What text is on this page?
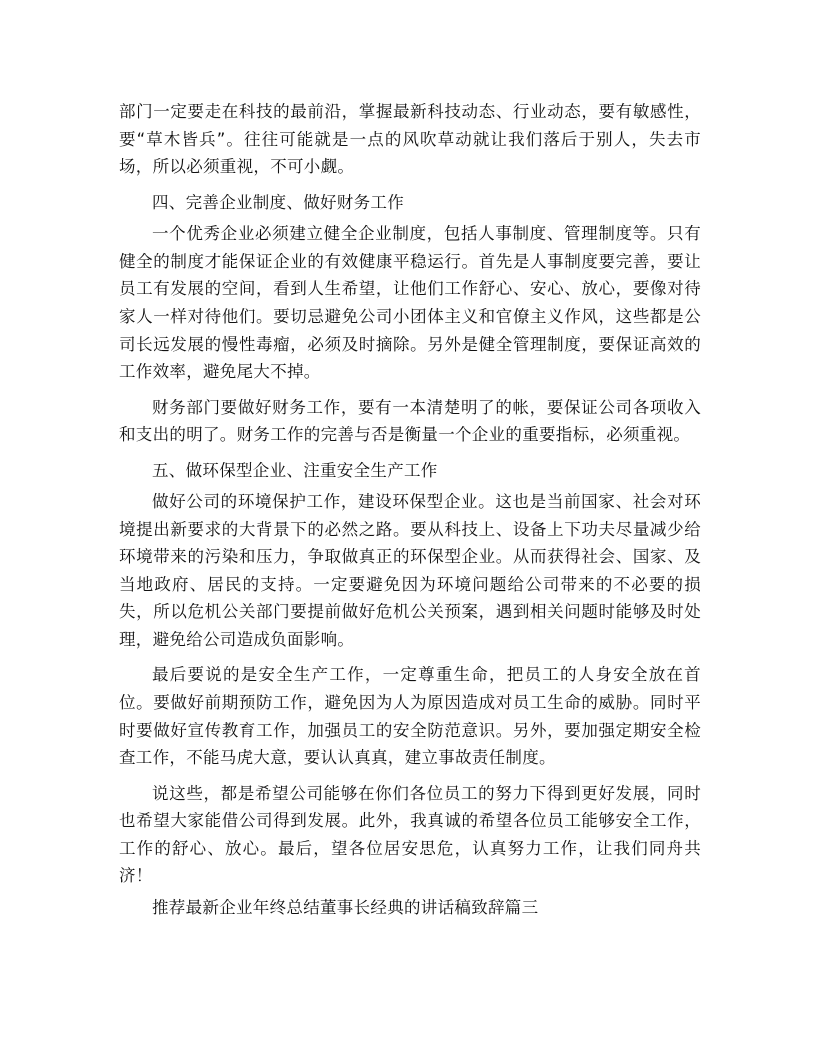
部门一定要走在科技的最前沿，掌握最新科技动态、行业动态，要有敏感性，要“草木皆兵”。往往可能就是一点的风吹草动就让我们落后于别人，失去市场，所以必须重视，不可小觑。

四、完善企业制度、做好财务工作

一个优秀企业必须建立健全企业制度，包括人事制度、管理制度等。只有健全的制度才能保证企业的有效健康平稳运行。首先是人事制度要完善，要让员工有发展的空间，看到人生希望，让他们工作舒心、安心、放心，要像对待家人一样对待他们。要切忌避免公司小团体主义和官僚主义作风，这些都是公司长远发展的慢性毒瘤，必须及时摘除。另外是健全管理制度，要保证高效的工作效率，避免尾大不掉。

财务部门要做好财务工作，要有一本清楚明了的帐，要保证公司各项收入和支出的明了。财务工作的完善与否是衡量一个企业的重要指标，必须重视。

五、做环保型企业、注重安全生产工作

做好公司的环境保护工作，建设环保型企业。这也是当前国家、社会对环境提出新要求的大背景下的必然之路。要从科技上、设备上下功夫尽量减少给环境带来的污染和压力，争取做真正的环保型企业。从而获得社会、国家、及当地政府、居民的支持。一定要避免因为环境问题给公司带来的不必要的损失，所以危机公关部门要提前做好危机公关预案，遇到相关问题时能够及时处理，避免给公司造成负面影响。

最后要说的是安全生产工作，一定尊重生命，把员工的人身安全放在首位。要做好前期预防工作，避免因为人为原因造成对员工生命的威胁。同时平时要做好宣传教育工作，加强员工的安全防范意识。另外，要加强定期安全检查工作，不能马虎大意，要认认真真，建立事故责任制度。

说这些，都是希望公司能够在你们各位员工的努力下得到更好发展，同时也希望大家能借公司得到发展。此外，我真诚的希望各位员工能够安全工作，工作的舒心、放心。最后，望各位居安思危，认真努力工作，让我们同舟共济！

推荐最新企业年终总结董事长经典的讲话稿致辞篇三
